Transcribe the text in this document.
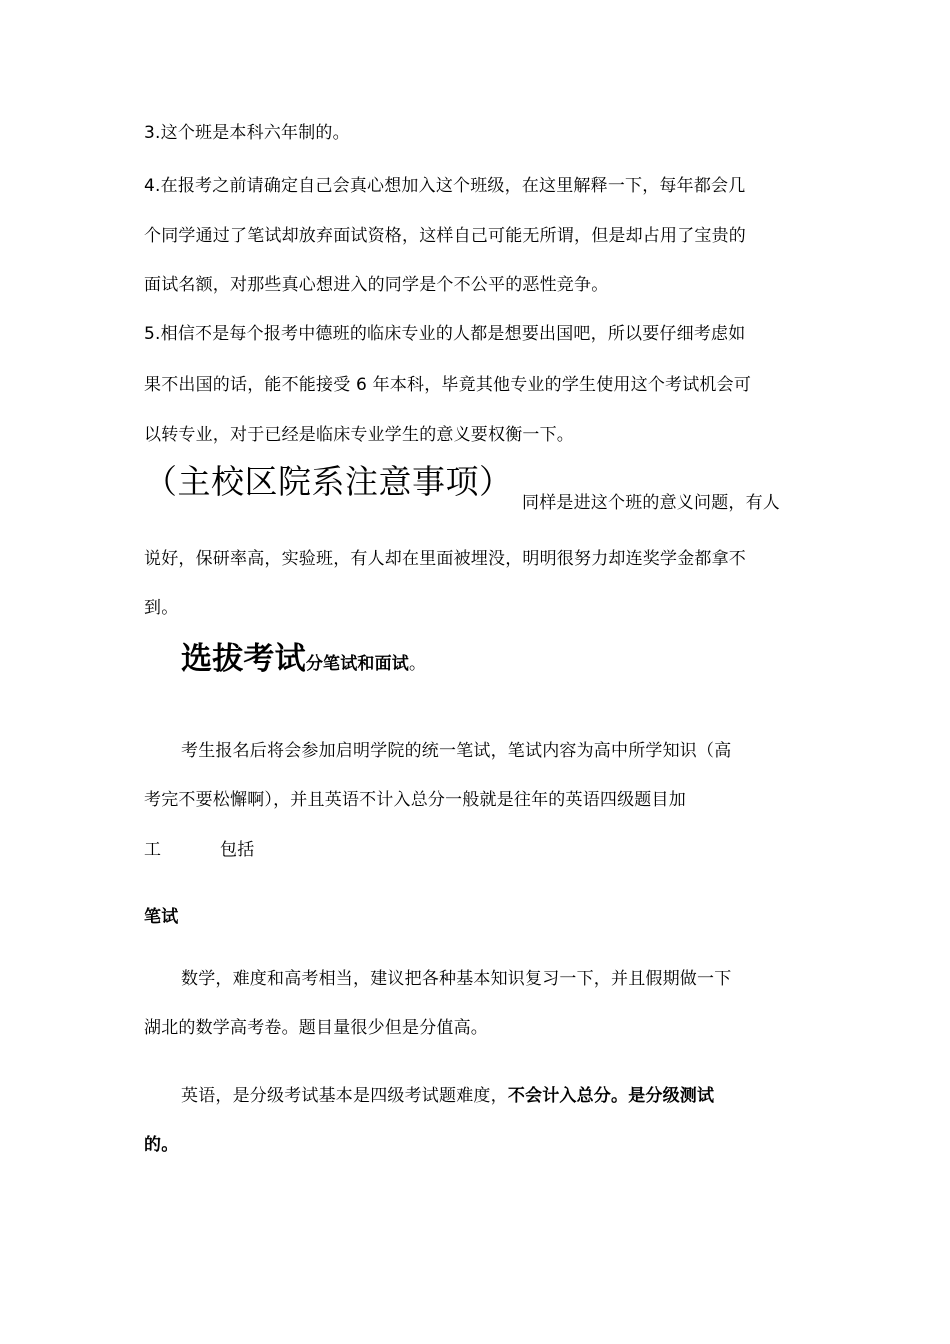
3.这个班是本科六年制的。
4.在报考之前请确定自己会真心想加入这个班级，在这里解释一下，每年都会几
个同学通过了笔试却放弃面试资格，这样自己可能无所谓，但是却占用了宝贵的
面试名额，对那些真心想进入的同学是个不公平的恶性竞争。
5.相信不是每个报考中德班的临床专业的人都是想要出国吧，所以要仔细考虑如
果不出国的话，能不能接受 6 年本科，毕竟其他专业的学生使用这个考试机会可
以转专业，对于已经是临床专业学生的意义要权衡一下。
（主校区院系注意事项）
同样是进这个班的意义问题，有人
说好，保研率高，实验班，有人却在里面被埋没，明明很努力却连奖学金都拿不
到。
选拔考试分笔试和面试。
考生报名后将会参加启明学院的统一笔试，笔试内容为高中所学知识（高
考完不要松懈啊），并且英语不计入总分一般就是往年的英语四级题目加
工	包括
笔试
数学，难度和高考相当，建议把各种基本知识复习一下，并且假期做一下
湖北的数学高考卷。题目量很少但是分值高。
英语，是分级考试基本是四级考试题难度，不会计入总分。是分级测试
的。
